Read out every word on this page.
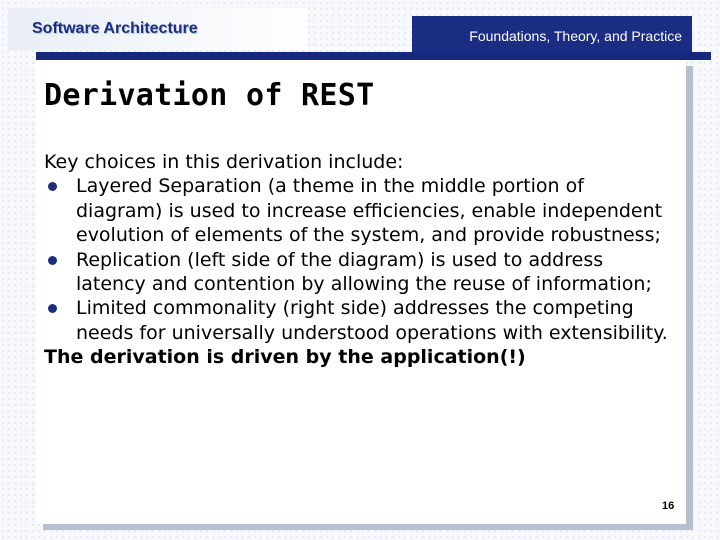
Software Architecture	Foundations, Theory, and Practice
Derivation of REST
Key choices in this derivation include:
Layered Separation (a theme in the middle portion of diagram) is used to increase efficiencies, enable independent evolution of elements of the system, and provide robustness;
Replication (left side of the diagram) is used to address latency and contention by allowing the reuse of information;
Limited commonality (right side) addresses the competing needs for universally understood operations with extensibility.
The derivation is driven by the application(!)
16
